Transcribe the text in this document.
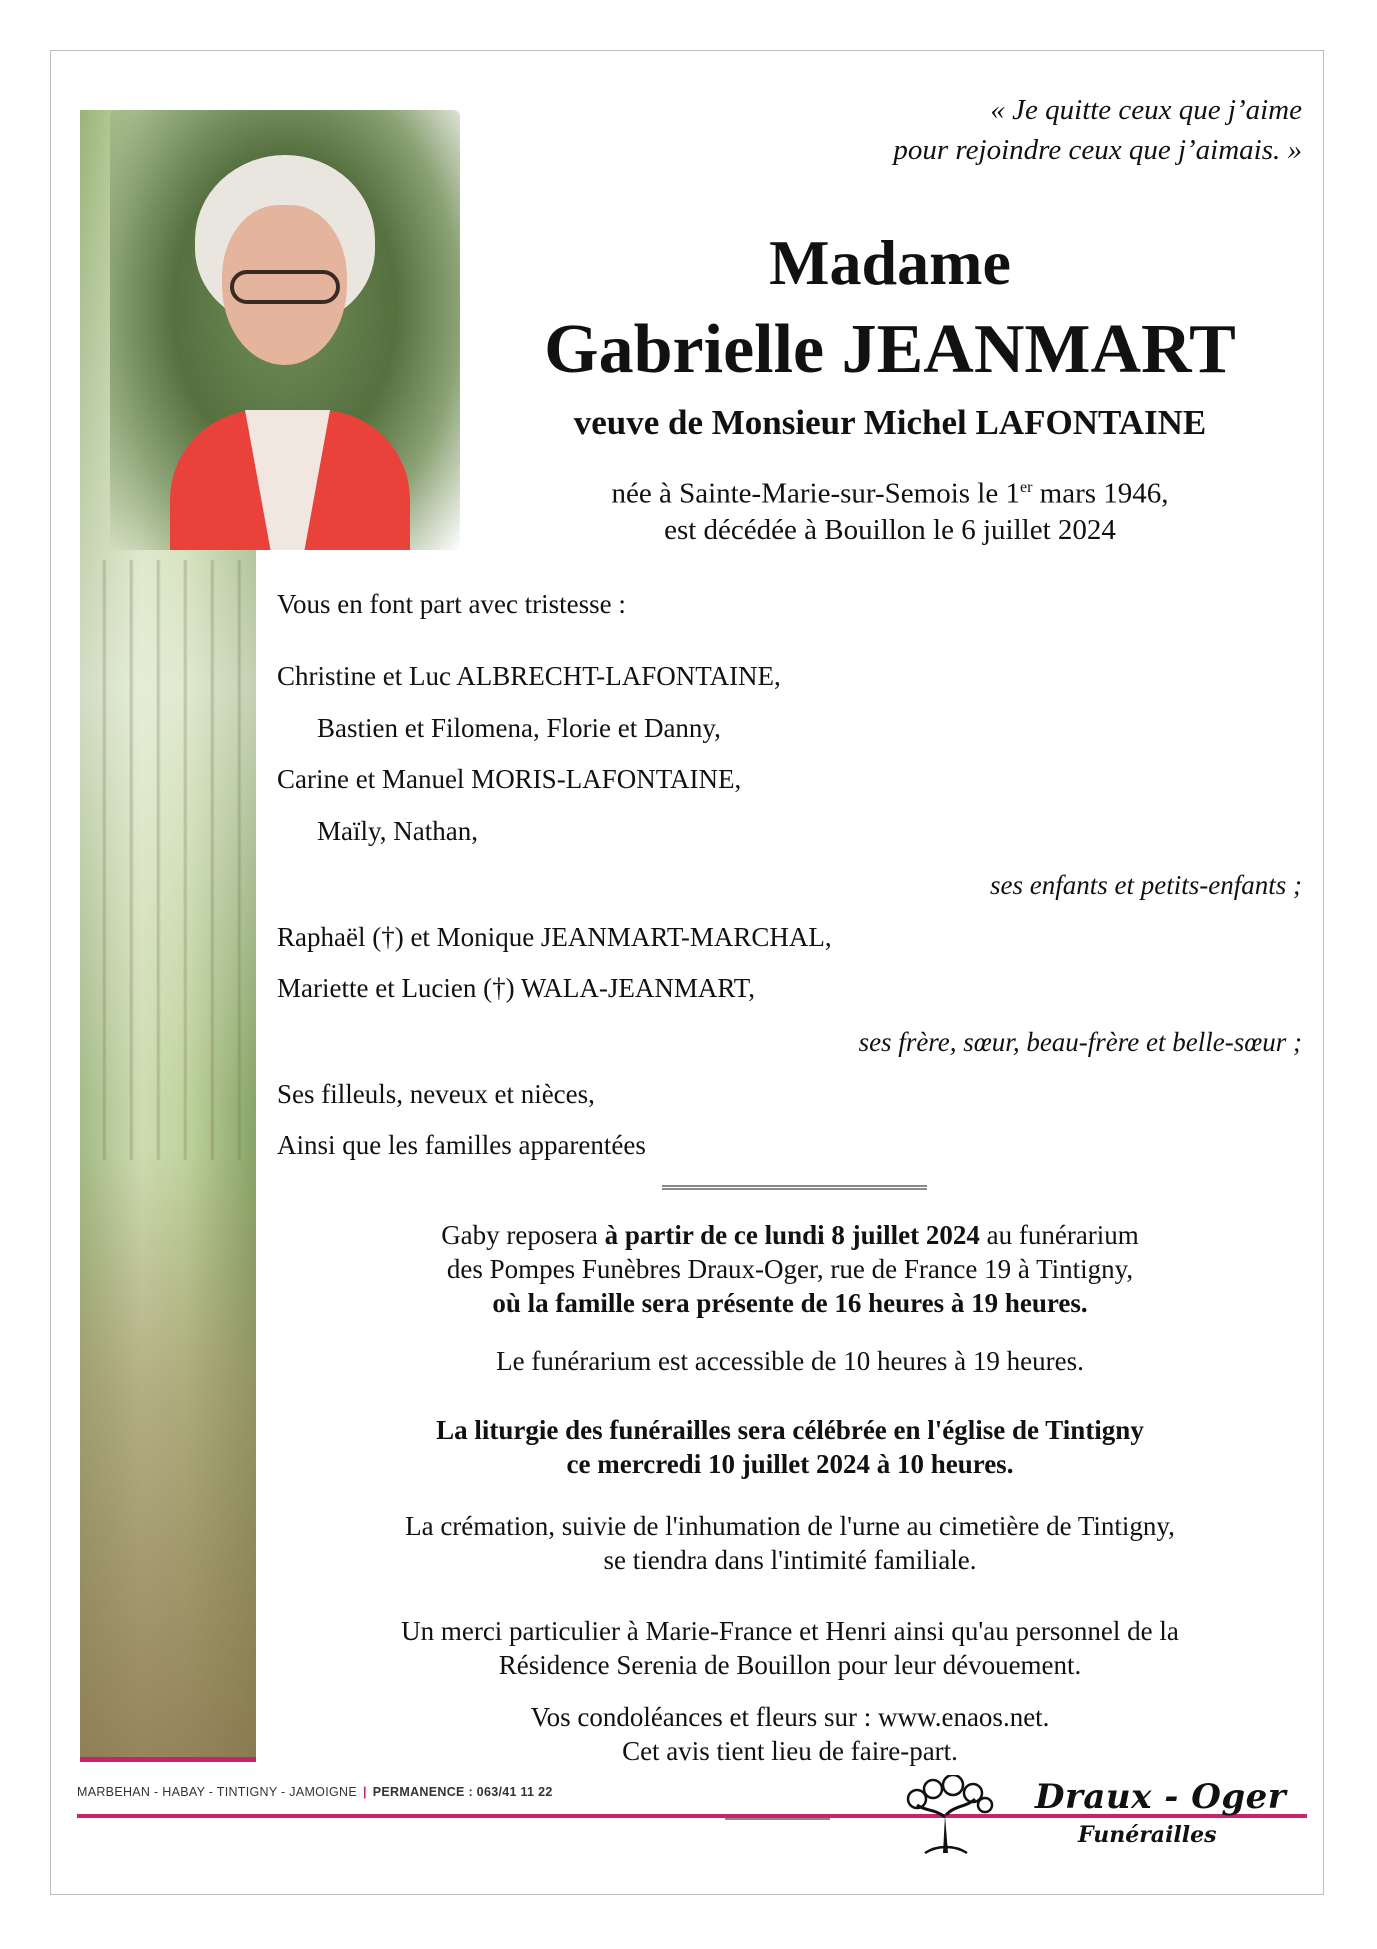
« Je quitte ceux que j’aime
pour rejoindre ceux que j’aimais. »
Madame
Gabrielle JEANMART
veuve de Monsieur Michel LAFONTAINE
née à Sainte-Marie-sur-Semois le 1er mars 1946,
est décédée à Bouillon le 6 juillet 2024
Vous en font part avec tristesse :
Christine et Luc ALBRECHT-LAFONTAINE,
Bastien et Filomena, Florie et Danny,
Carine et Manuel MORIS-LAFONTAINE,
Maïly, Nathan,
ses enfants et petits-enfants ;
Raphaël (†) et Monique JEANMART-MARCHAL,
Mariette et Lucien (†) WALA-JEANMART,
ses frère, sœur, beau-frère et belle-sœur ;
Ses filleuls, neveux et nièces,
Ainsi que les familles apparentées
Gaby reposera à partir de ce lundi 8 juillet 2024 au funérarium
des Pompes Funèbres Draux-Oger, rue de France 19 à Tintigny,
où la famille sera présente de 16 heures à 19 heures.
Le funérarium est accessible de 10 heures à 19 heures.
La liturgie des funérailles sera célébrée en l'église de Tintigny
ce mercredi 10 juillet 2024 à 10 heures.
La crémation, suivie de l'inhumation de l'urne au cimetière de Tintigny,
se tiendra dans l'intimité familiale.
Un merci particulier à Marie-France et Henri ainsi qu'au personnel de la
Résidence Serenia de Bouillon pour leur dévouement.
Vos condoléances et fleurs sur : www.enaos.net.
Cet avis tient lieu de faire-part.
MARBEHAN - HABAY - TINTIGNY - JAMOIGNE | PERMANENCE : 063/41 11 22	Draux - Oger
Funérailles
